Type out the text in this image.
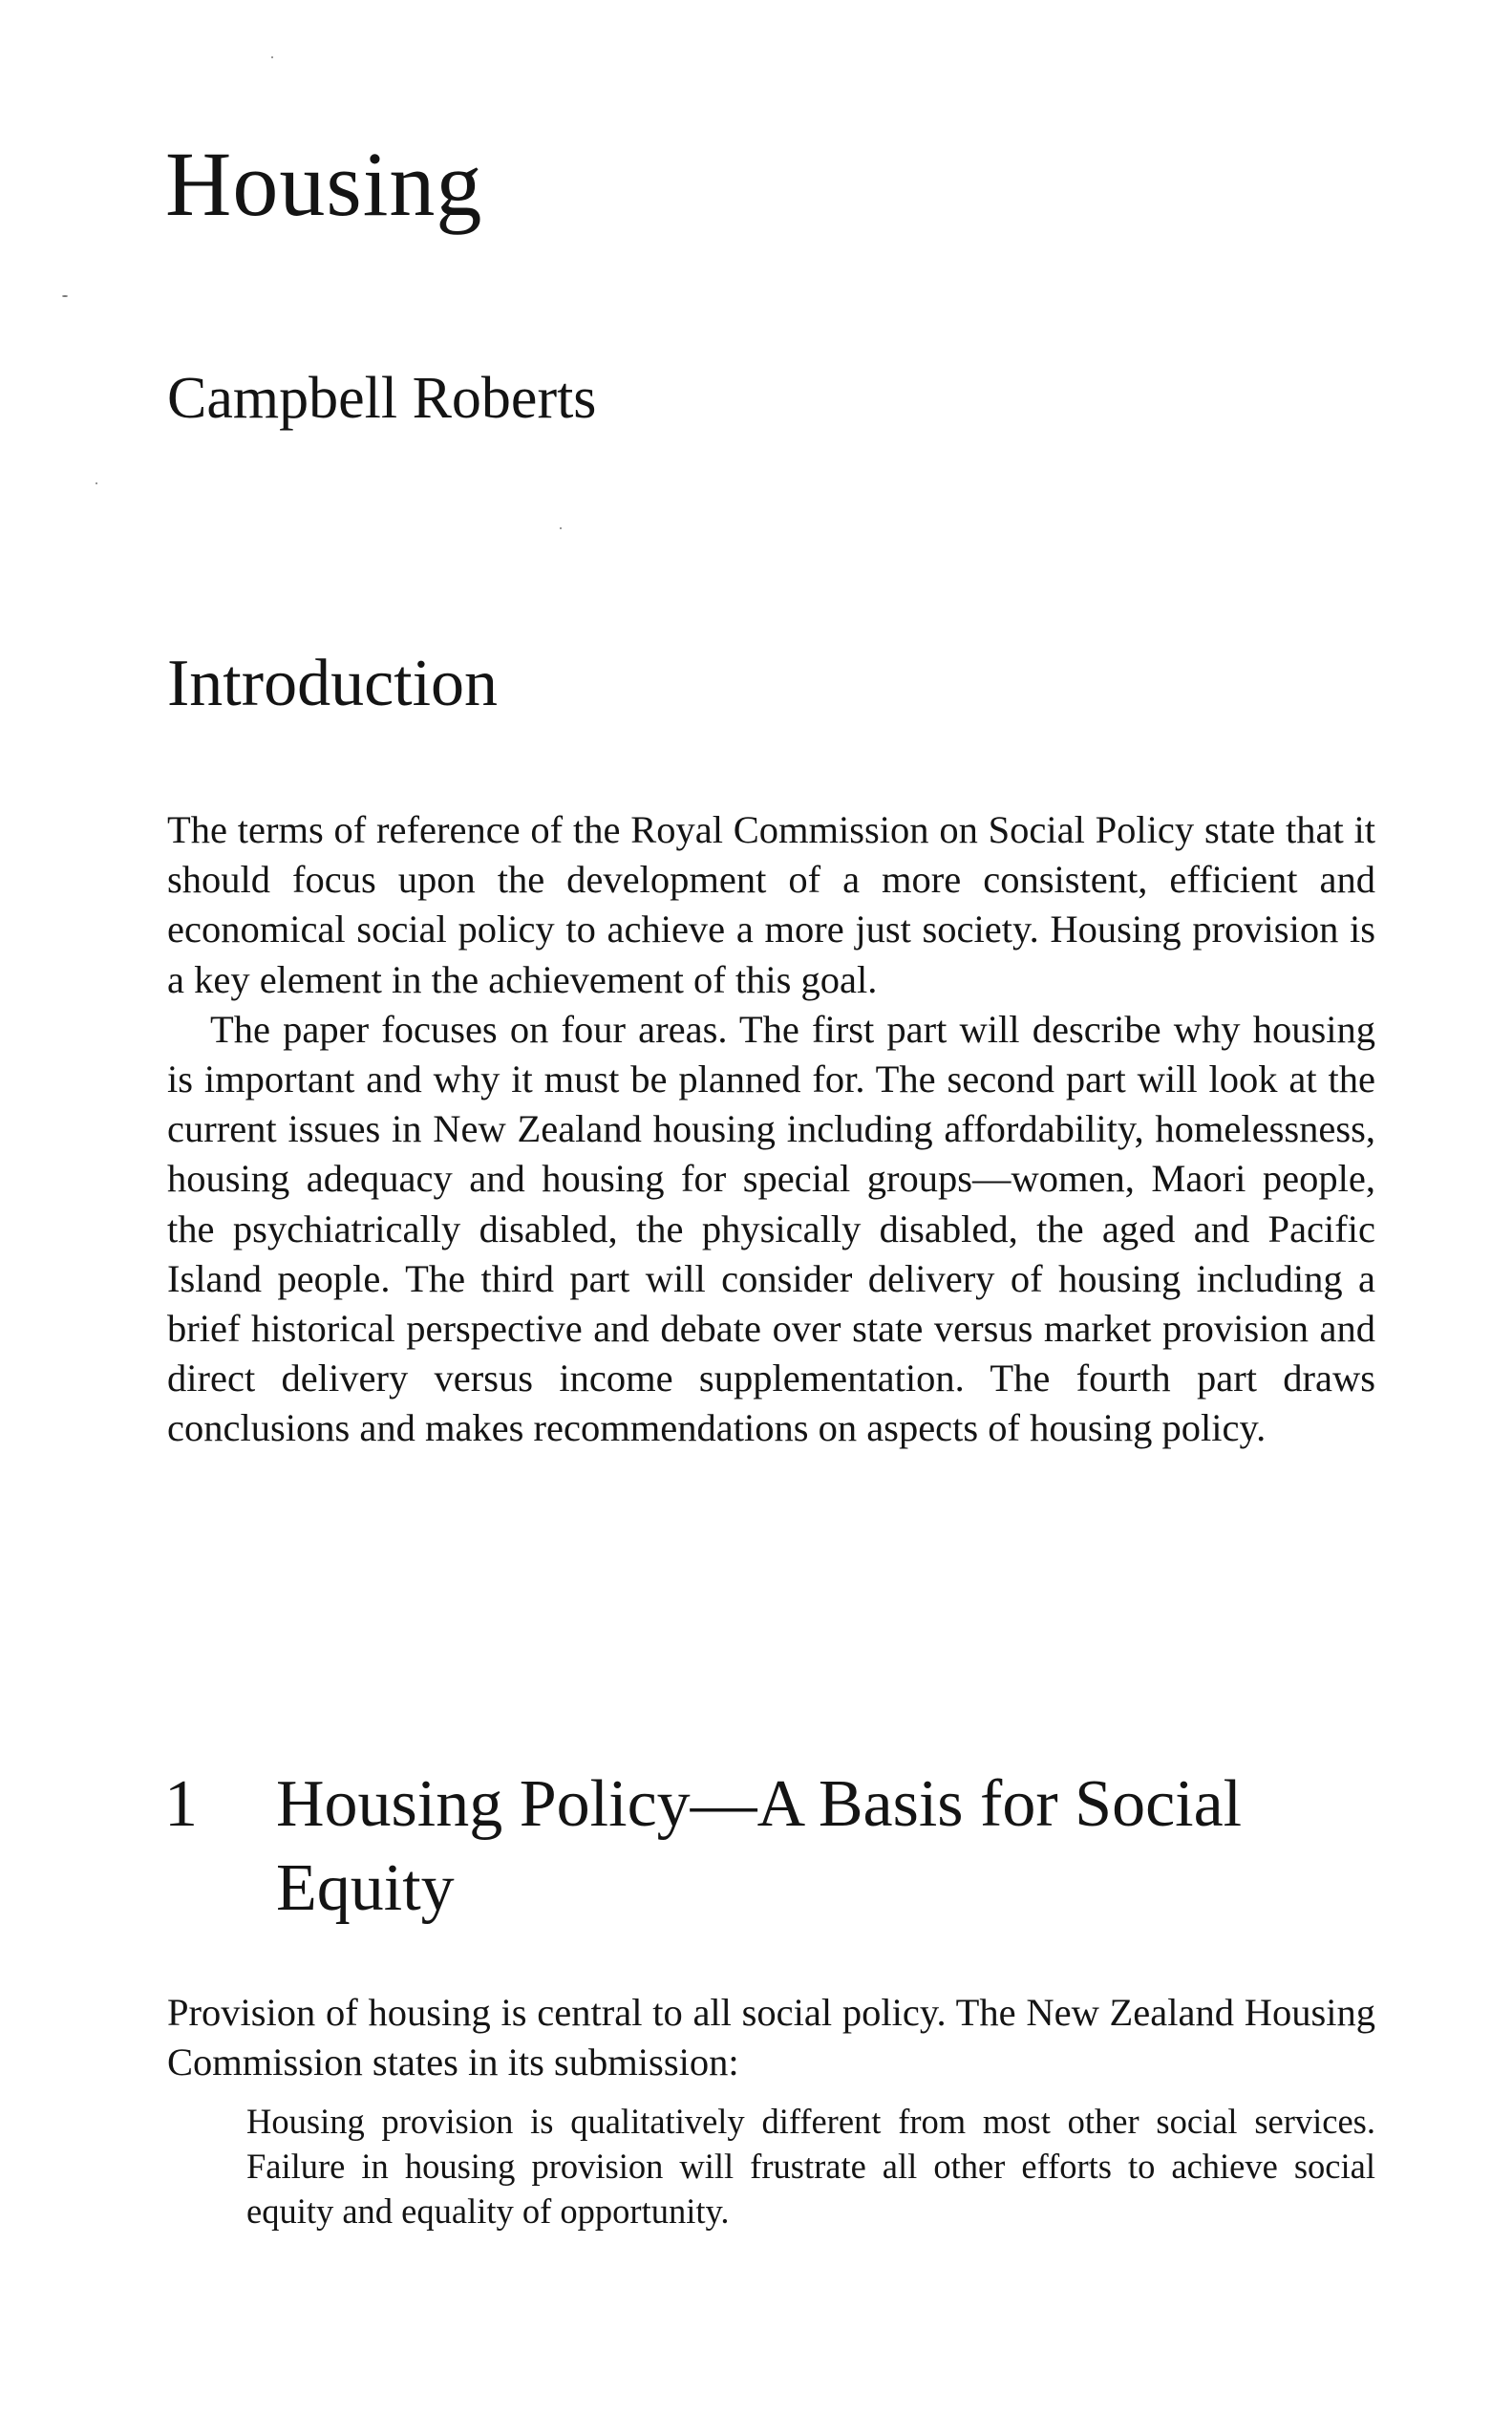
Housing
Campbell Roberts
Introduction

The terms of reference of the Royal Commission on Social Policy state that it should focus upon the development of a more consistent, efficient and economical social policy to achieve a more just society. Housing provision is a key element in the achievement of this goal.

The paper focuses on four areas. The first part will describe why housing is important and why it must be planned for. The second part will look at the current issues in New Zealand housing including affordability, homelessness, housing adequacy and housing for special groups—women, Maori people, the psychiatrically disabled, the physically disabled, the aged and Pacific Island people. The third part will consider delivery of housing including a brief historical perspective and debate over state versus market provision and direct delivery versus income supplementation. The fourth part draws conclusions and makes recommendations on aspects of housing policy.

1	Housing Policy—A Basis for Social Equity

Provision of housing is central to all social policy. The New Zealand Housing Commission states in its submission:

Housing provision is qualitatively different from most other social services. Failure in housing provision will frustrate all other efforts to achieve social equity and equality of opportunity.
